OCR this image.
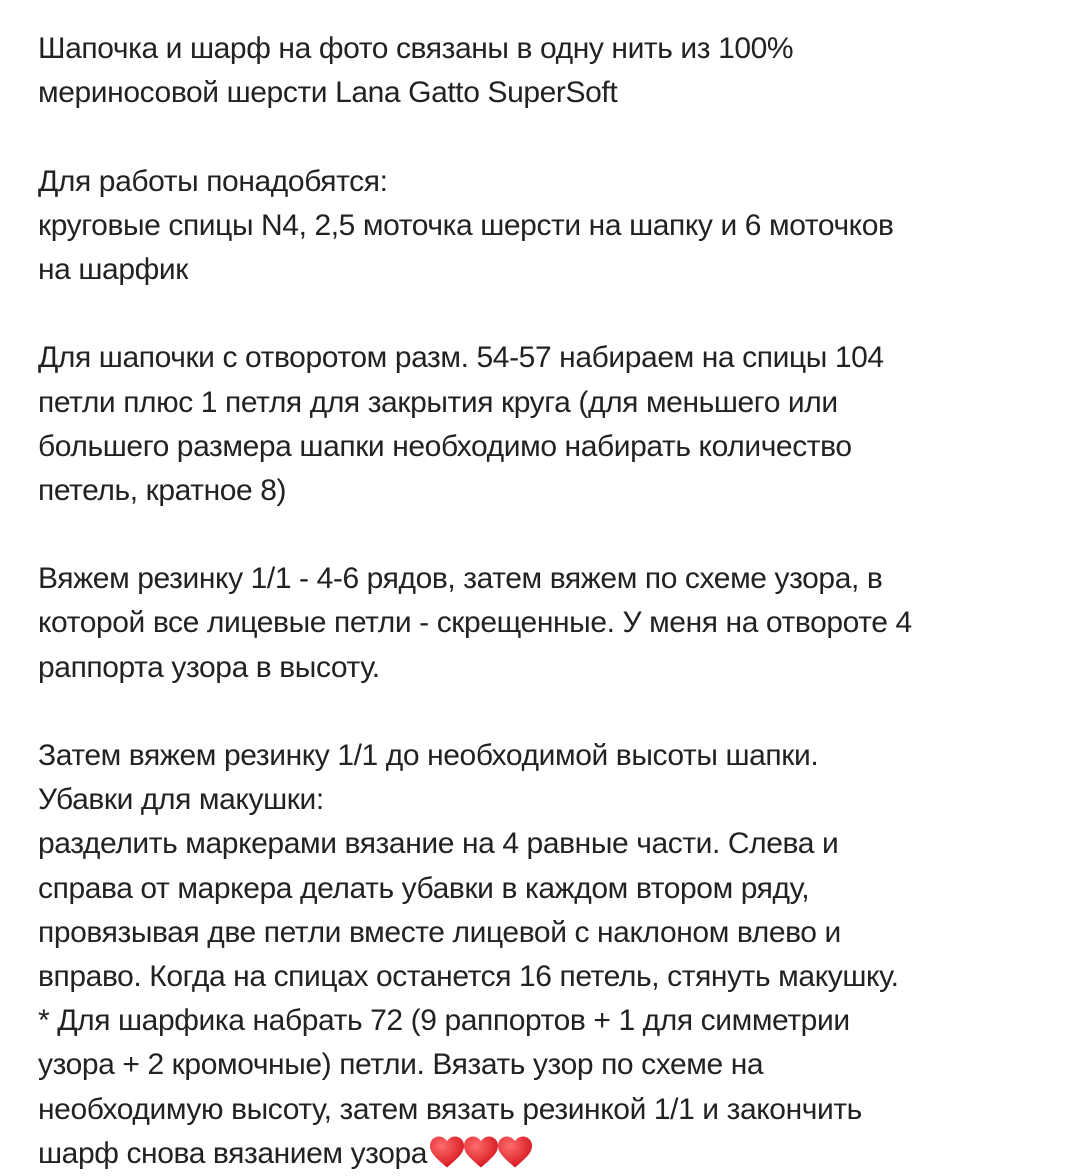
Шапочка и шарф на фото связаны в одну нить из 100%
мериносовой шерсти Lana Gatto SuperSoft
Для работы понадобятся:
круговые спицы N4, 2,5 моточка шерсти на шапку и 6 моточков
на шарфик
Для шапочки с отворотом разм. 54-57 набираем на спицы 104
петли плюс 1 петля для закрытия круга (для меньшего или
большего размера шапки необходимо набирать количество
петель, кратное 8)
Вяжем резинку 1/1 - 4-6 рядов, затем вяжем по схеме узора, в
которой все лицевые петли - скрещенные. У меня на отвороте 4
раппорта узора в высоту.
Затем вяжем резинку 1/1 до необходимой высоты шапки.
Убавки для макушки:
разделить маркерами вязание на 4 равные части. Слева и
справа от маркера делать убавки в каждом втором ряду,
провязывая две петли вместе лицевой с наклоном влево и
вправо. Когда на спицах останется 16 петель, стянуть макушку.
* Для шарфика набрать 72 (9 раппортов + 1 для симметрии
узора + 2 кромочные) петли. Вязать узор по схеме на
необходимую высоту, затем вязать резинкой 1/1 и закончить
шарф снова вязанием узора
